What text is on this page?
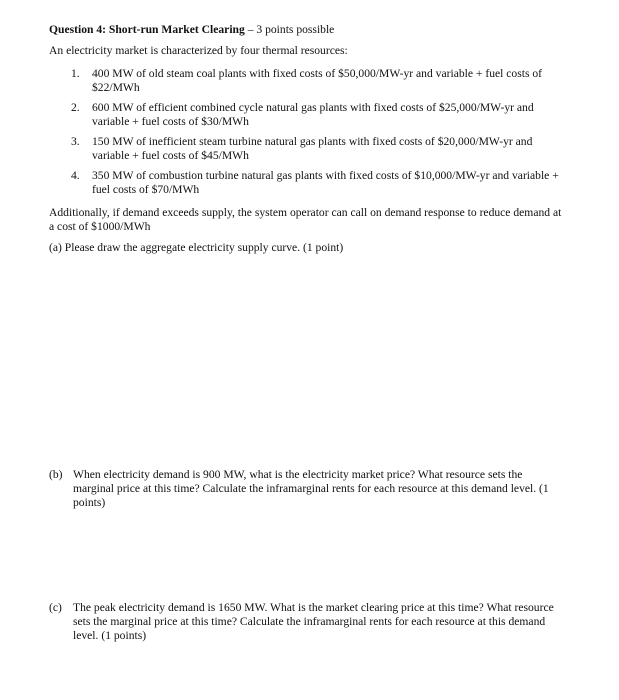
Question 4: Short-run Market Clearing – 3 points possible
An electricity market is characterized by four thermal resources:
1. 400 MW of old steam coal plants with fixed costs of $50,000/MW-yr and variable + fuel costs of $22/MWh
2. 600 MW of efficient combined cycle natural gas plants with fixed costs of $25,000/MW-yr and variable + fuel costs of $30/MWh
3. 150 MW of inefficient steam turbine natural gas plants with fixed costs of $20,000/MW-yr and variable + fuel costs of $45/MWh
4. 350 MW of combustion turbine natural gas plants with fixed costs of $10,000/MW-yr and variable + fuel costs of $70/MWh
Additionally, if demand exceeds supply, the system operator can call on demand response to reduce demand at a cost of $1000/MWh
(a) Please draw the aggregate electricity supply curve. (1 point)
(b) When electricity demand is 900 MW, what is the electricity market price? What resource sets the marginal price at this time? Calculate the inframarginal rents for each resource at this demand level. (1 points)
(c) The peak electricity demand is 1650 MW. What is the market clearing price at this time? What resource sets the marginal price at this time? Calculate the inframarginal rents for each resource at this demand level. (1 points)
